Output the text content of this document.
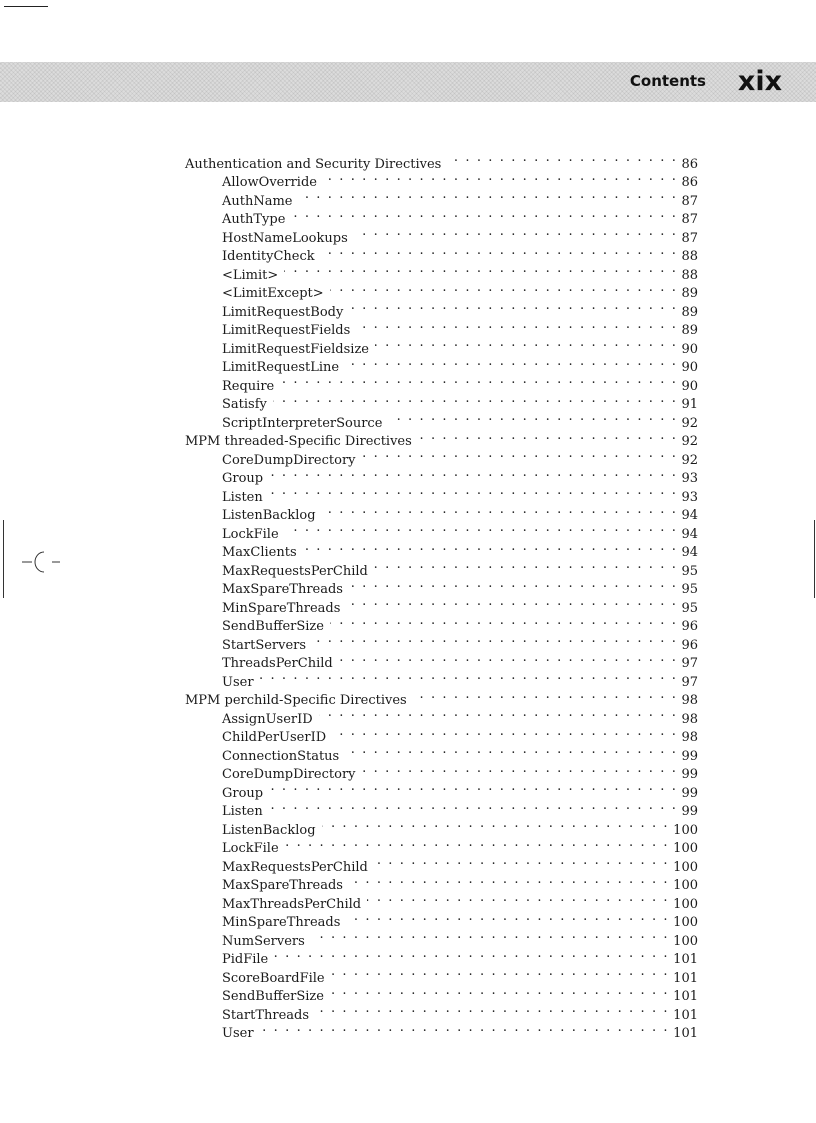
Contents xix
Authentication and Security Directives . . .	86
AllowOverride . . .	86
AuthName . . .	87
AuthType . . .	87
HostNameLookups . . .	87
IdentityCheck . . .	88
<Limit> . . .	88
<LimitExcept> . . .	89
LimitRequestBody . . .	89
LimitRequestFields . . .	89
LimitRequestFieldsize . . .	90
LimitRequestLine . . .	90
Require . . .	90
Satisfy . . .	91
ScriptInterpreterSource . . .	92
MPM threaded-Specific Directives . . .	92
CoreDumpDirectory . . .	92
Group . . .	93
Listen . . .	93
ListenBacklog . . .	94
LockFile . . .	94
MaxClients . . .	94
MaxRequestsPerChild . . .	95
MaxSpareThreads . . .	95
MinSpareThreads . . .	95
SendBufferSize . . .	96
StartServers . . .	96
ThreadsPerChild . . .	97
User . . .	97
MPM perchild-Specific Directives . . .	98
AssignUserID . . .	98
ChildPerUserID . . .	98
ConnectionStatus . . .	99
CoreDumpDirectory . . .	99
Group . . .	99
Listen . . .	99
ListenBacklog . . .	100
LockFile . . .	100
MaxRequestsPerChild . . .	100
MaxSpareThreads . . .	100
MaxThreadsPerChild . . .	100
MinSpareThreads . . .	100
NumServers . . .	100
PidFile . . .	101
ScoreBoardFile . . .	101
SendBufferSize . . .	101
StartThreads . . .	101
User . . .	101
